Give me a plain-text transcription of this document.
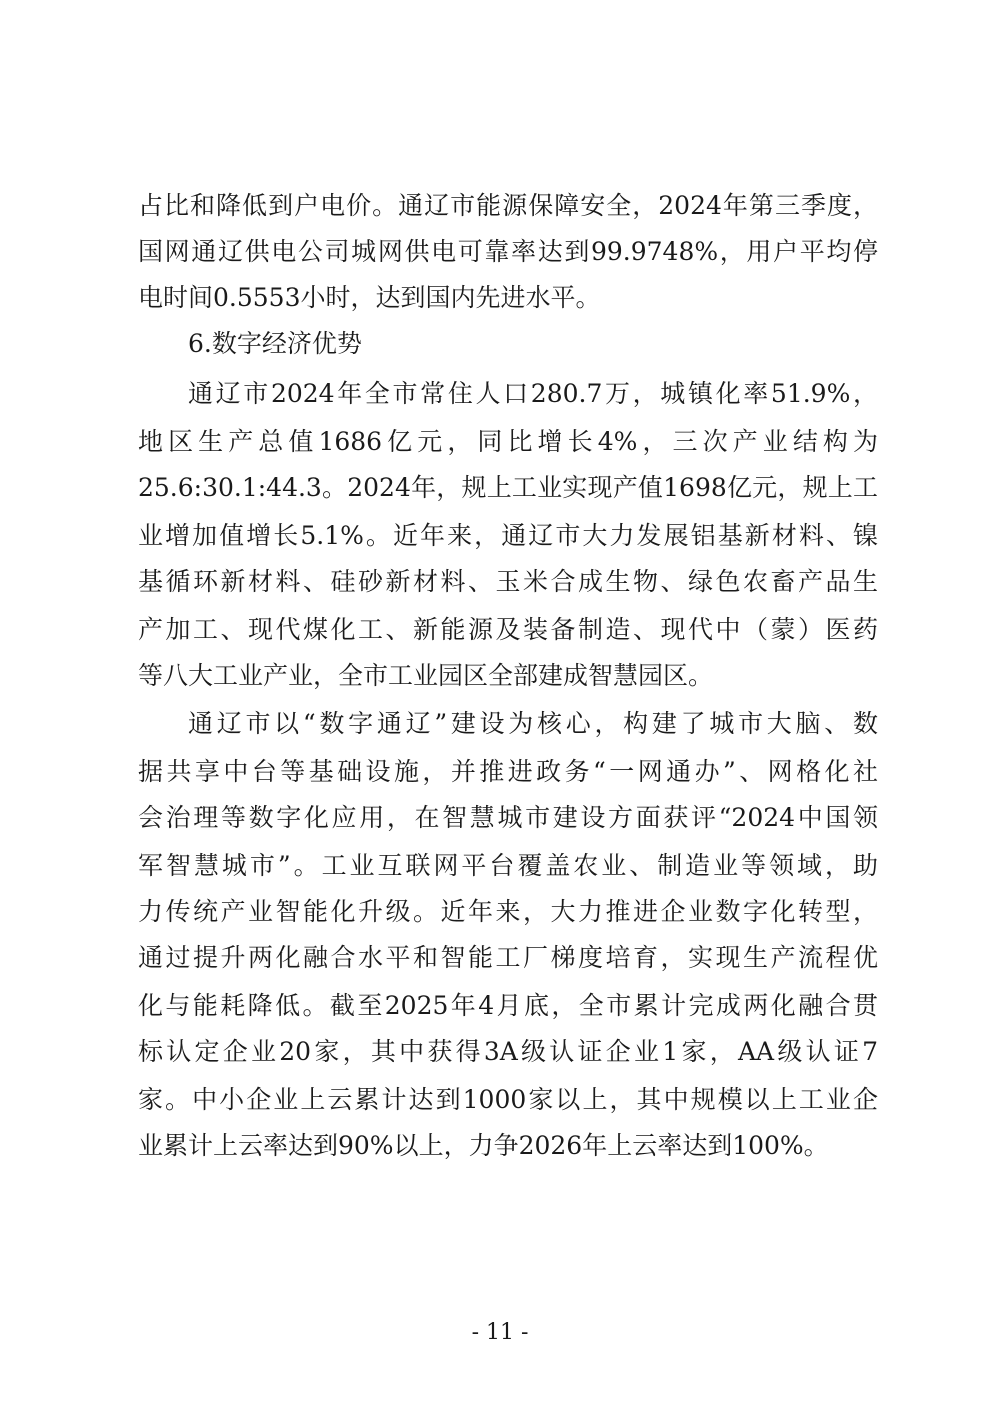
占比和降低到户电价。通辽市能源保障安全，2024年第三季度，
国网通辽供电公司城网供电可靠率达到99.9748%，用户平均停
电时间0.5553小时，达到国内先进水平。
6.数字经济优势
通辽市2024年全市常住人口280.7万，城镇化率51.9%，
地区生产总值1686亿元，同比增长4%，三次产业结构为
25.6:30.1:44.3。2024年，规上工业实现产值1698亿元，规上工
业增加值增长5.1%。近年来，通辽市大力发展铝基新材料、镍
基循环新材料、硅砂新材料、玉米合成生物、绿色农畜产品生
产加工、现代煤化工、新能源及装备制造、现代中（蒙）医药
等八大工业产业，全市工业园区全部建成智慧园区。
通辽市以“数字通辽”建设为核心，构建了城市大脑、数
据共享中台等基础设施，并推进政务“一网通办”、网格化社
会治理等数字化应用，在智慧城市建设方面获评“2024中国领
军智慧城市”。工业互联网平台覆盖农业、制造业等领域，助
力传统产业智能化升级。近年来，大力推进企业数字化转型，
通过提升两化融合水平和智能工厂梯度培育，实现生产流程优
化与能耗降低。截至2025年4月底，全市累计完成两化融合贯
标认定企业20家，其中获得3A级认证企业1家，AA级认证7
家。中小企业上云累计达到1000家以上，其中规模以上工业企
业累计上云率达到90%以上，力争2026年上云率达到100%。
- 11 -
